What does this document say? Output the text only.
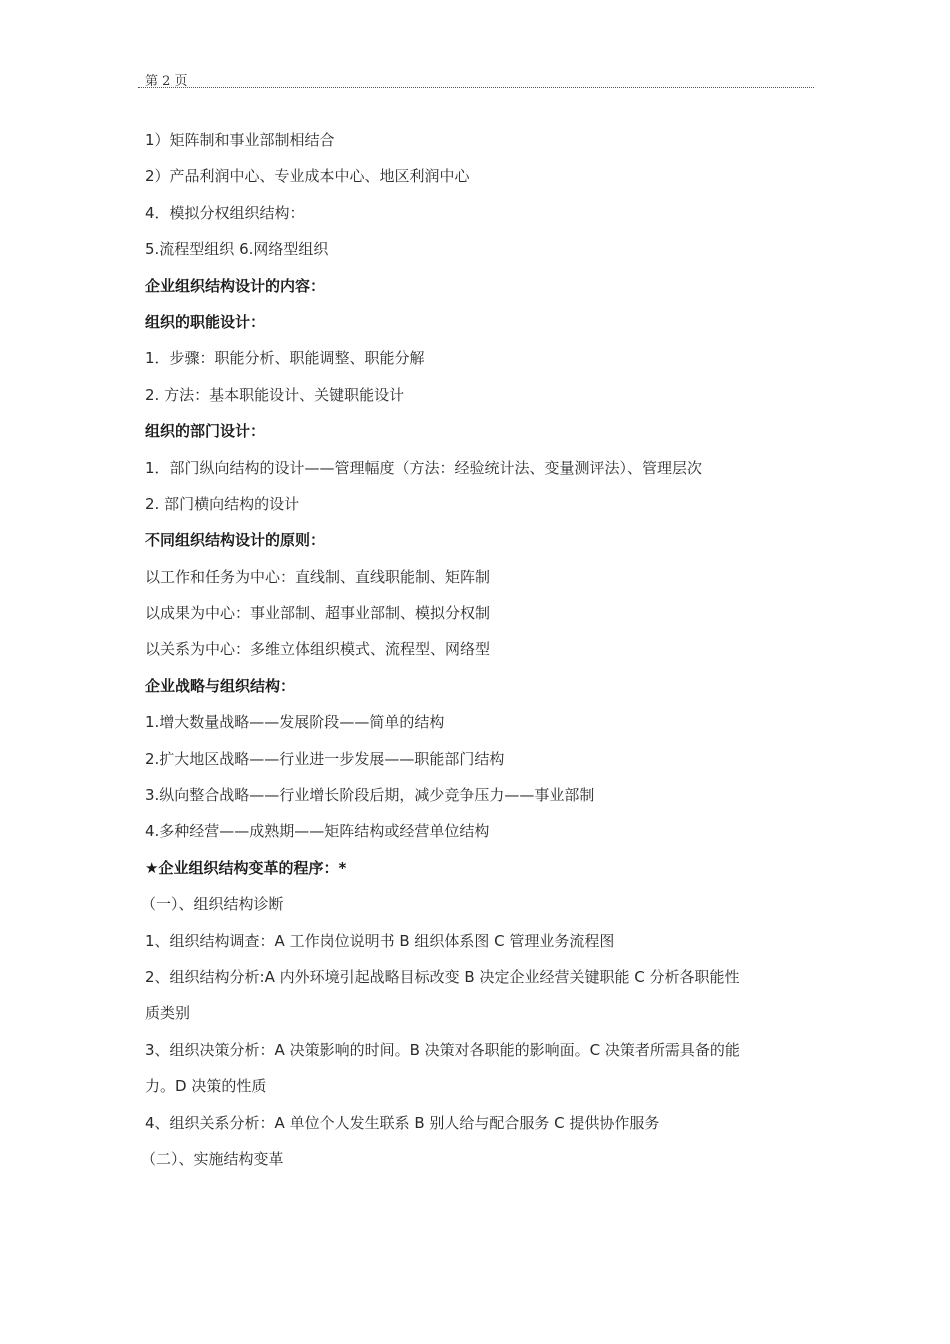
第 2 页
1）矩阵制和事业部制相结合
2）产品利润中心、专业成本中心、地区利润中心
4．模拟分权组织结构：
5.流程型组织 6.网络型组织
企业组织结构设计的内容：
组织的职能设计：
1．步骤：职能分析、职能调整、职能分解
2. 方法：基本职能设计、关键职能设计
组织的部门设计：
1．部门纵向结构的设计——管理幅度（方法：经验统计法、变量测评法）、管理层次
2. 部门横向结构的设计
不同组织结构设计的原则：
以工作和任务为中心：直线制、直线职能制、矩阵制
以成果为中心：事业部制、超事业部制、模拟分权制
以关系为中心：多维立体组织模式、流程型、网络型
企业战略与组织结构：
1.增大数量战略——发展阶段——简单的结构
2.扩大地区战略——行业进一步发展——职能部门结构
3.纵向整合战略——行业增长阶段后期，减少竞争压力——事业部制
4.多种经营——成熟期——矩阵结构或经营单位结构
★企业组织结构变革的程序：*
（一）、组织结构诊断
1、组织结构调查：A 工作岗位说明书 B 组织体系图 C 管理业务流程图
2、组织结构分析:A 内外环境引起战略目标改变 B 决定企业经营关键职能 C 分析各职能性
质类别
3、组织决策分析：A 决策影响的时间。B 决策对各职能的影响面。C 决策者所需具备的能
力。D 决策的性质
4、组织关系分析：A 单位个人发生联系 B 别人给与配合服务 C 提供协作服务
（二）、实施结构变革
